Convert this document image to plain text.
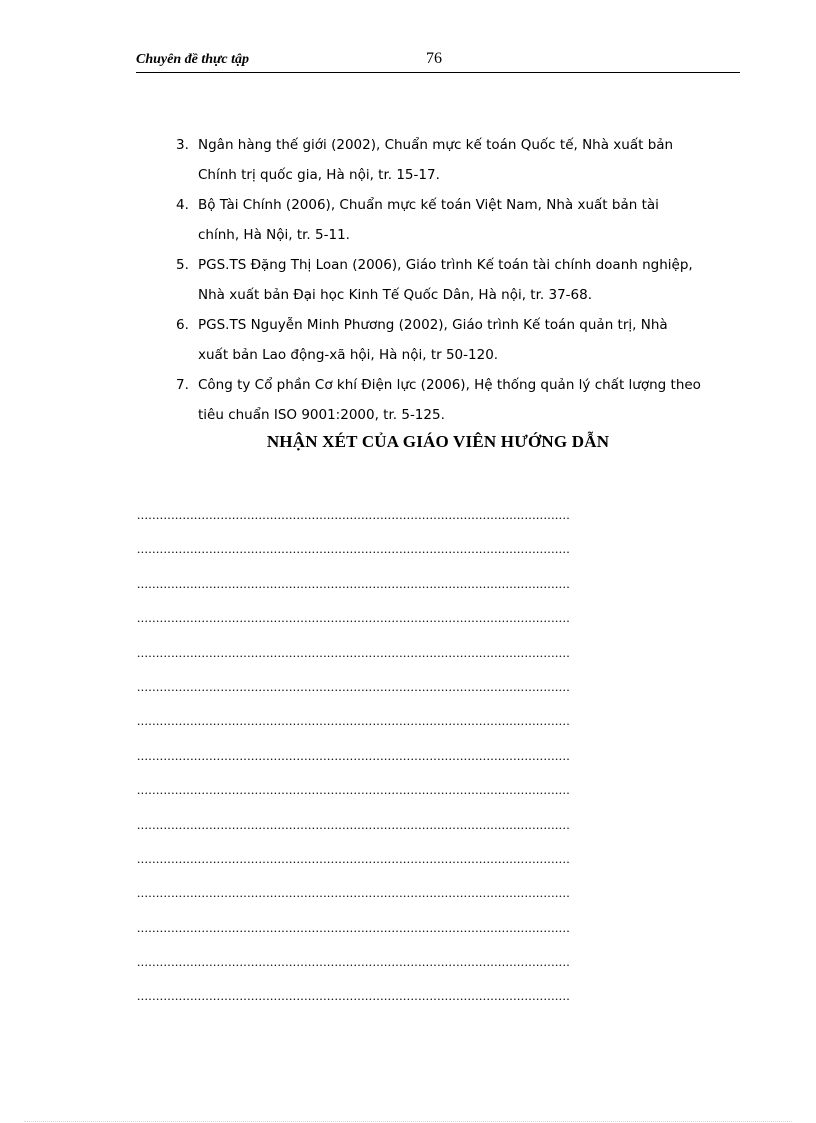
Chuyên đề thực tập	76
3. Ngân hàng thế giới (2002), Chuẩn mực kế toán Quốc tế, Nhà xuất bản
Chính trị quốc gia, Hà nội, tr. 15-17.
4. Bộ Tài Chính (2006), Chuẩn mực kế toán Việt Nam, Nhà xuất bản tài
chính, Hà Nội, tr. 5-11.
5. PGS.TS Đặng Thị Loan (2006), Giáo trình Kế toán tài chính doanh nghiệp,
Nhà xuất bản Đại học Kinh Tế Quốc Dân, Hà nội, tr. 37-68.
6. PGS.TS Nguyễn Minh Phương (2002), Giáo trình Kế toán quản trị, Nhà
xuất bản Lao động-xã hội, Hà nội, tr 50-120.
7. Công ty Cổ phần Cơ khí Điện lực (2006), Hệ thống quản lý chất lượng theo
tiêu chuẩn ISO 9001:2000, tr. 5-125.
NHẬN XÉT CỦA GIÁO VIÊN HƯỚNG DẪN
..................................................................................................................
..................................................................................................................
..................................................................................................................
..................................................................................................................
..................................................................................................................
..................................................................................................................
..................................................................................................................
..................................................................................................................
..................................................................................................................
..................................................................................................................
..................................................................................................................
..................................................................................................................
..................................................................................................................
..................................................................................................................
..................................................................................................................
